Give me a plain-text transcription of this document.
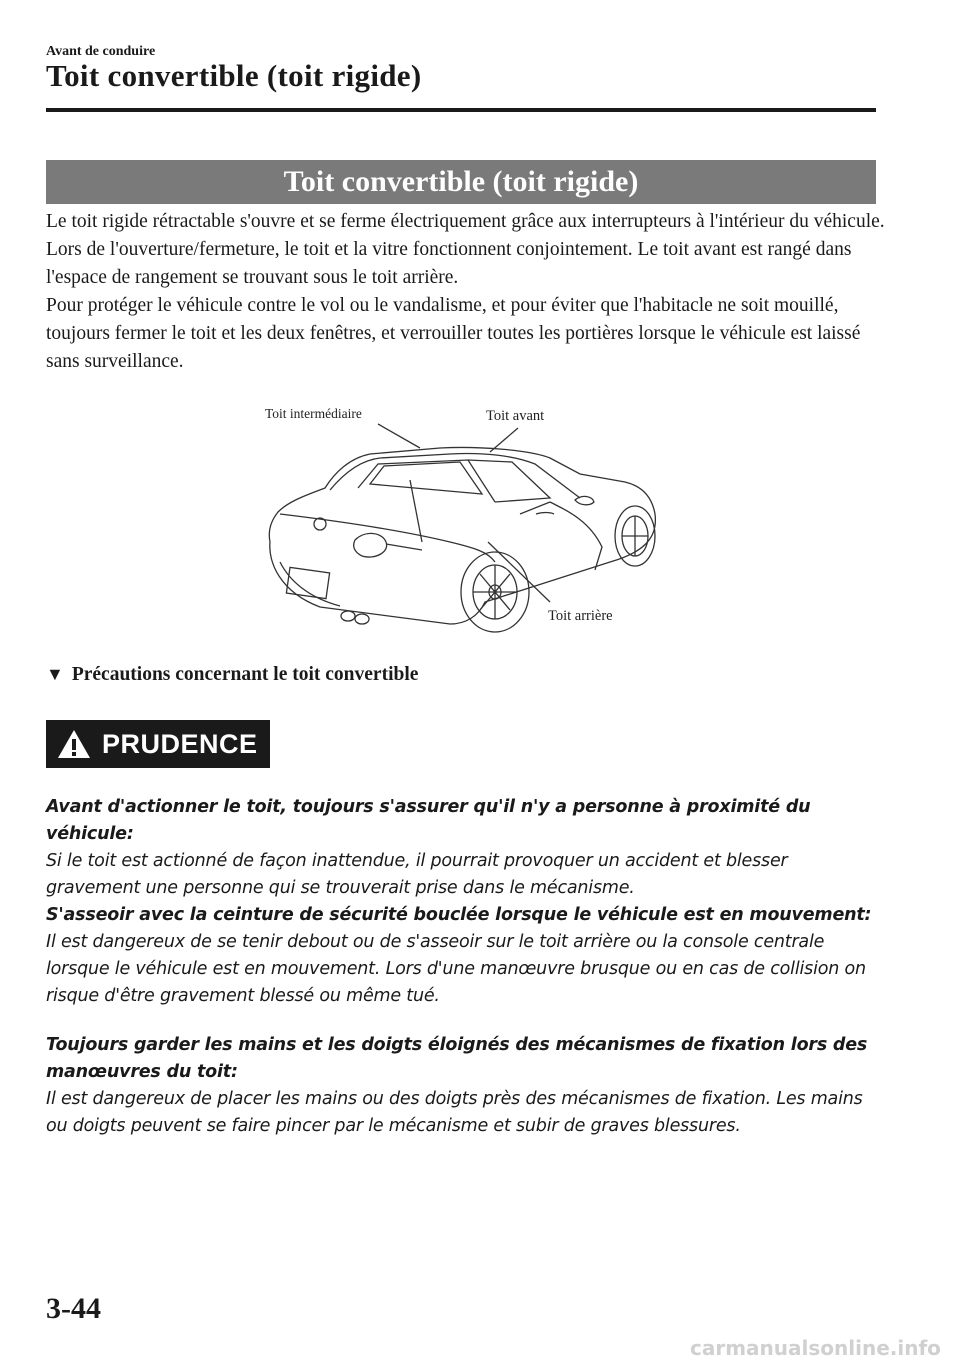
Avant de conduire
Toit convertible (toit rigide)
Toit convertible (toit rigide)

Le toit rigide rétractable s'ouvre et se ferme électriquement grâce aux interrupteurs à l'intérieur du véhicule. Lors de l'ouverture/fermeture, le toit et la vitre fonctionnent conjointement. Le toit avant est rangé dans l'espace de rangement se trouvant sous le toit arrière.

Pour protéger le véhicule contre le vol ou le vandalisme, et pour éviter que l'habitacle ne soit mouillé, toujours fermer le toit et les deux fenêtres, et verrouiller toutes les portières lorsque le véhicule est laissé sans surveillance.

Toit intermédiaire	Toit avant
Toit arrière
▼ Précautions concernant le toit convertible
PRUDENCE

Avant d'actionner le toit, toujours s'assurer qu'il n'y a personne à proximité du véhicule:

Si le toit est actionné de façon inattendue, il pourrait provoquer un accident et blesser gravement une personne qui se trouverait prise dans le mécanisme.

S'asseoir avec la ceinture de sécurité bouclée lorsque le véhicule est en mouvement:

Il est dangereux de se tenir debout ou de s'asseoir sur le toit arrière ou la console centrale lorsque le véhicule est en mouvement. Lors d'une manœuvre brusque ou en cas de collision on risque d'être gravement blessé ou même tué.

Toujours garder les mains et les doigts éloignés des mécanismes de fixation lors des manœuvres du toit:

Il est dangereux de placer les mains ou des doigts près des mécanismes de fixation. Les mains ou doigts peuvent se faire pincer par le mécanisme et subir de graves blessures.

3-44
carmanualsonline.info
